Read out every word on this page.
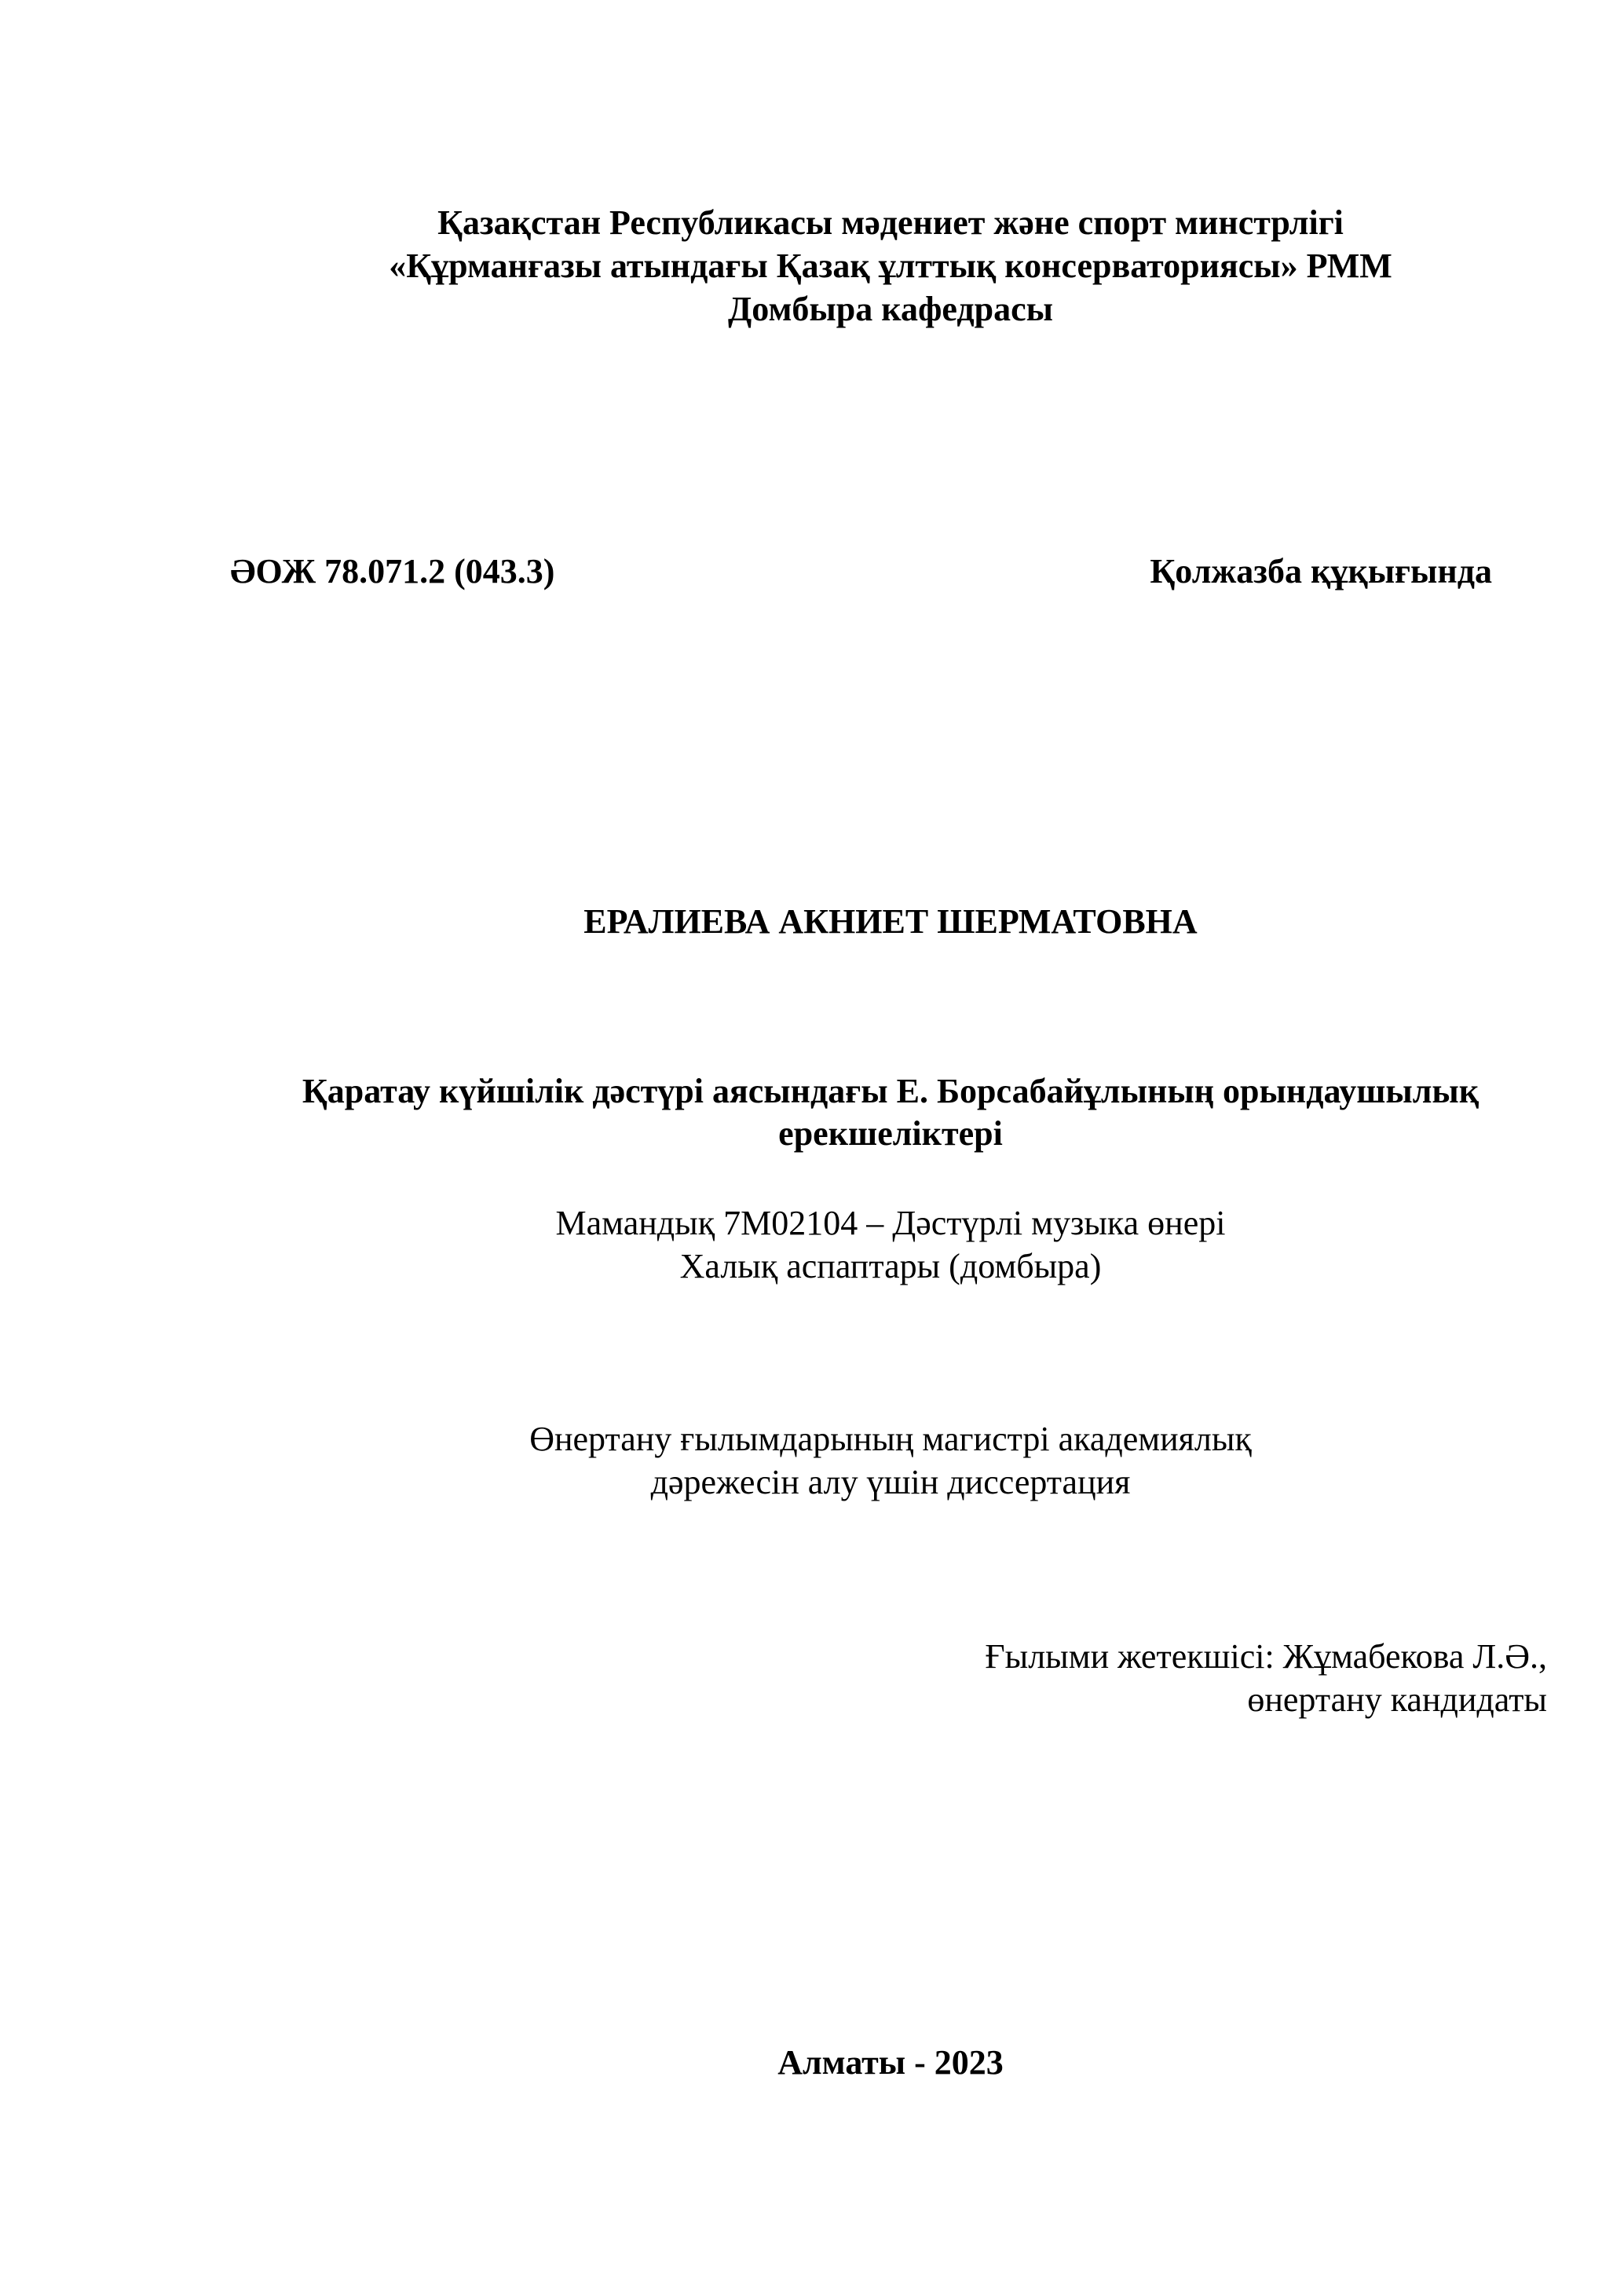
Қазақстан Республикасы мәдениет және спорт минстрлігі
«Құрманғазы атындағы Қазақ ұлттық консерваториясы» РММ
Домбыра кафедрасы
ӘОЖ 78.071.2 (043.3)	Қолжазба құқығында
ЕРАЛИЕВА АКНИЕТ ШЕРМАТОВНА
Қаратау күйшілік дәстүрі аясындағы Е. Борсабайұлының орындаушылық
ерекшеліктері
Мамандық 7М02104 – Дәстүрлі музыка өнері
Халық аспаптары (домбыра)
Өнертану ғылымдарының магистрі академиялық
дәрежесін алу үшін диссертация
Ғылыми жетекшісі: Жұмабекова Л.Ә.,
өнертану кандидаты
Алматы - 2023
